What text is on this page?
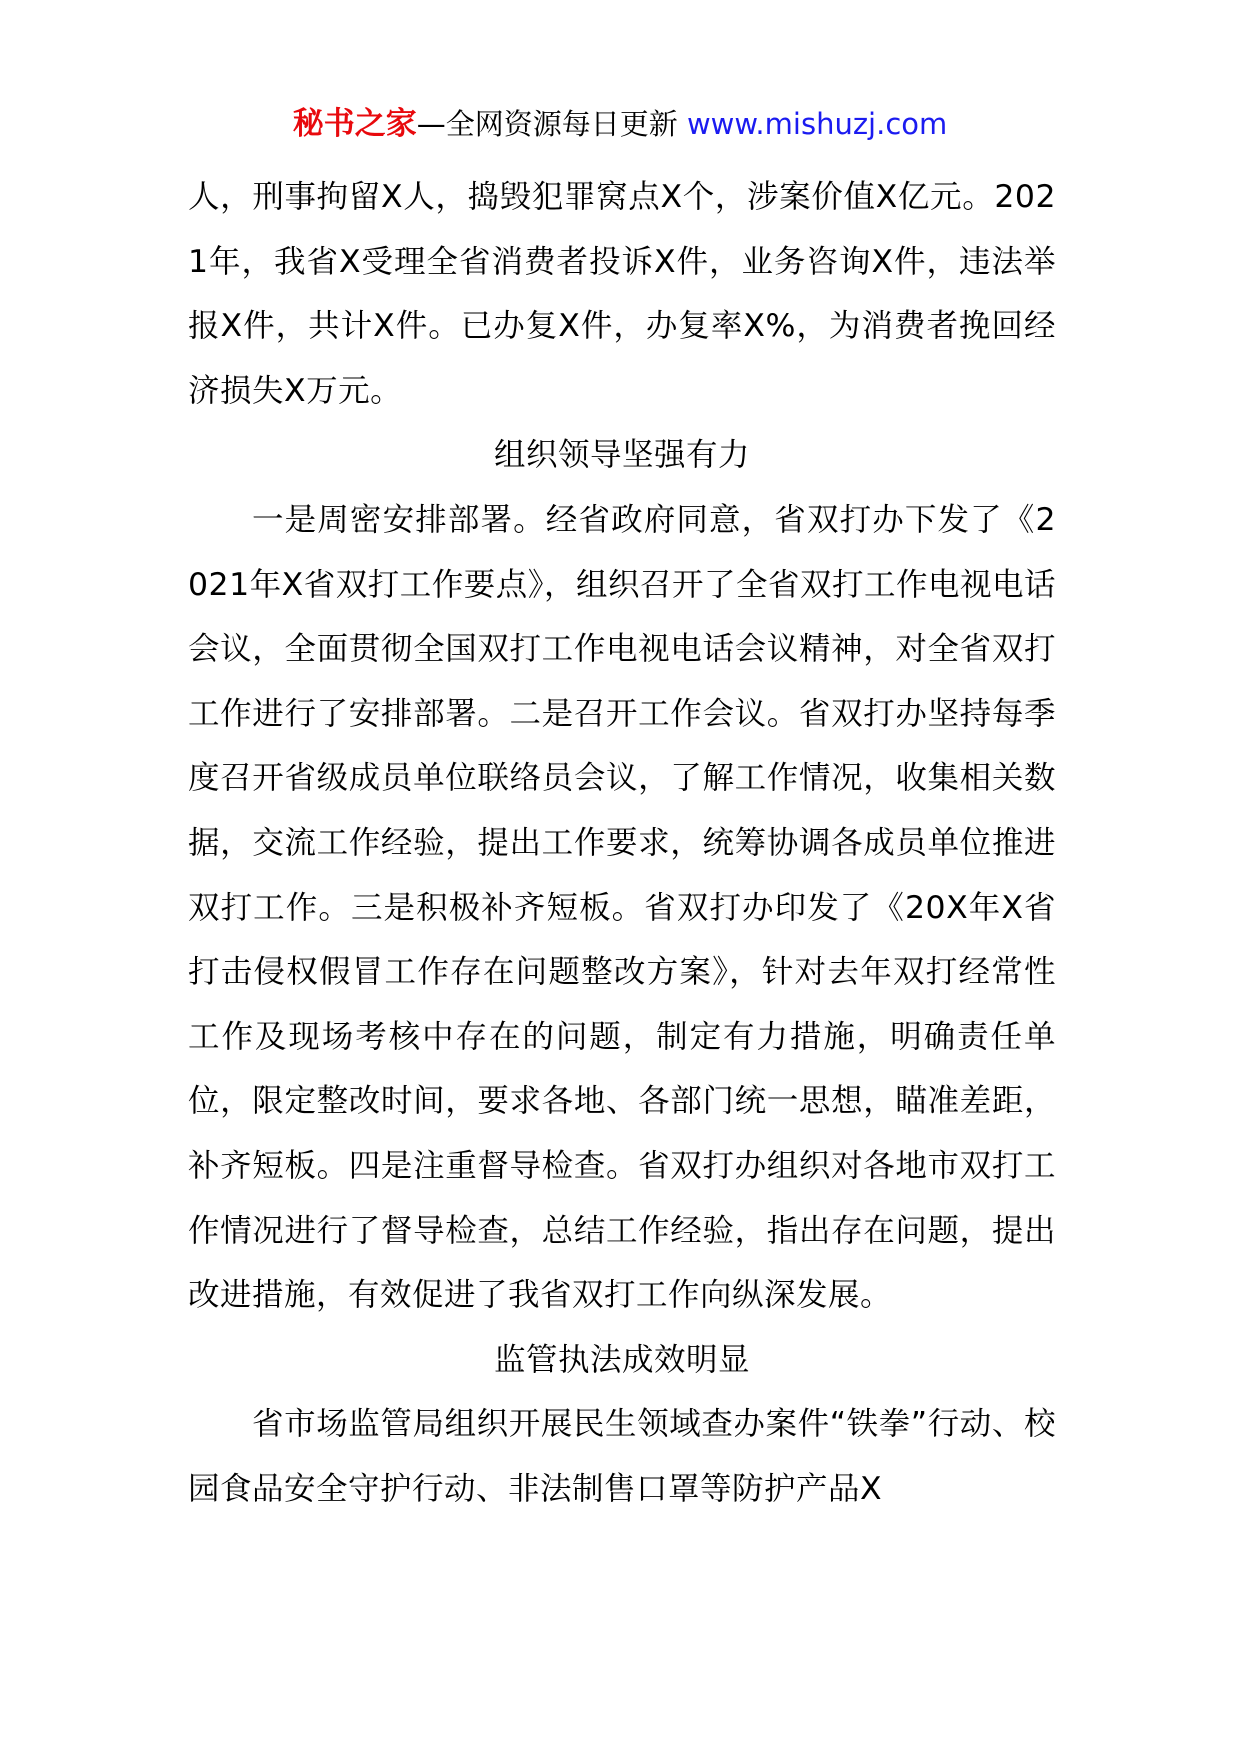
秘书之家—全网资源每日更新 www.mishuzj.com

人，刑事拘留X人，捣毁犯罪窝点X个，涉案价值X亿元。2021年，我省X受理全省消费者投诉X件，业务咨询X件，违法举报X件，共计X件。已办复X件，办复率X%，为消费者挽回经济损失X万元。

组织领导坚强有力

一是周密安排部署。经省政府同意，省双打办下发了《2021年X省双打工作要点》，组织召开了全省双打工作电视电话会议，全面贯彻全国双打工作电视电话会议精神，对全省双打工作进行了安排部署。二是召开工作会议。省双打办坚持每季度召开省级成员单位联络员会议，了解工作情况，收集相关数据，交流工作经验，提出工作要求，统筹协调各成员单位推进双打工作。三是积极补齐短板。省双打办印发了《20X年X省打击侵权假冒工作存在问题整改方案》，针对去年双打经常性工作及现场考核中存在的问题，制定有力措施，明确责任单位，限定整改时间，要求各地、各部门统一思想，瞄准差距，补齐短板。四是注重督导检查。省双打办组织对各地市双打工作情况进行了督导检查，总结工作经验，指出存在问题，提出改进措施，有效促进了我省双打工作向纵深发展。

监管执法成效明显

省市场监管局组织开展民生领域查办案件“铁拳”行动、校园食品安全守护行动、非法制售口罩等防护产品X
